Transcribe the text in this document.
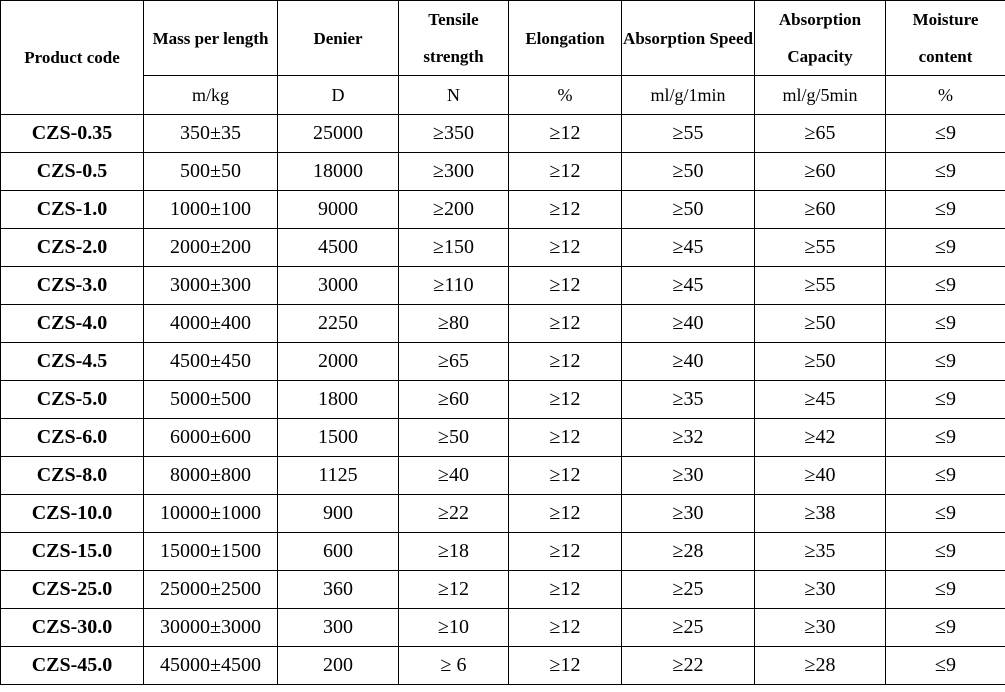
Product code	Mass per length	Denier	Tensile strength	Elongation	Absorption Speed	Absorption Capacity	Moisture content
	m/kg	D	N	%	ml/g/1min	ml/g/5min	%
CZS-0.35	350±35	25000	≥350	≥12	≥55	≥65	≤9
CZS-0.5	500±50	18000	≥300	≥12	≥50	≥60	≤9
CZS-1.0	1000±100	9000	≥200	≥12	≥50	≥60	≤9
CZS-2.0	2000±200	4500	≥150	≥12	≥45	≥55	≤9
CZS-3.0	3000±300	3000	≥110	≥12	≥45	≥55	≤9
CZS-4.0	4000±400	2250	≥80	≥12	≥40	≥50	≤9
CZS-4.5	4500±450	2000	≥65	≥12	≥40	≥50	≤9
CZS-5.0	5000±500	1800	≥60	≥12	≥35	≥45	≤9
CZS-6.0	6000±600	1500	≥50	≥12	≥32	≥42	≤9
CZS-8.0	8000±800	1125	≥40	≥12	≥30	≥40	≤9
CZS-10.0	10000±1000	900	≥22	≥12	≥30	≥38	≤9
CZS-15.0	15000±1500	600	≥18	≥12	≥28	≥35	≤9
CZS-25.0	25000±2500	360	≥12	≥12	≥25	≥30	≤9
CZS-30.0	30000±3000	300	≥10	≥12	≥25	≥30	≤9
CZS-45.0	45000±4500	200	≥ 6	≥12	≥22	≥28	≤9
